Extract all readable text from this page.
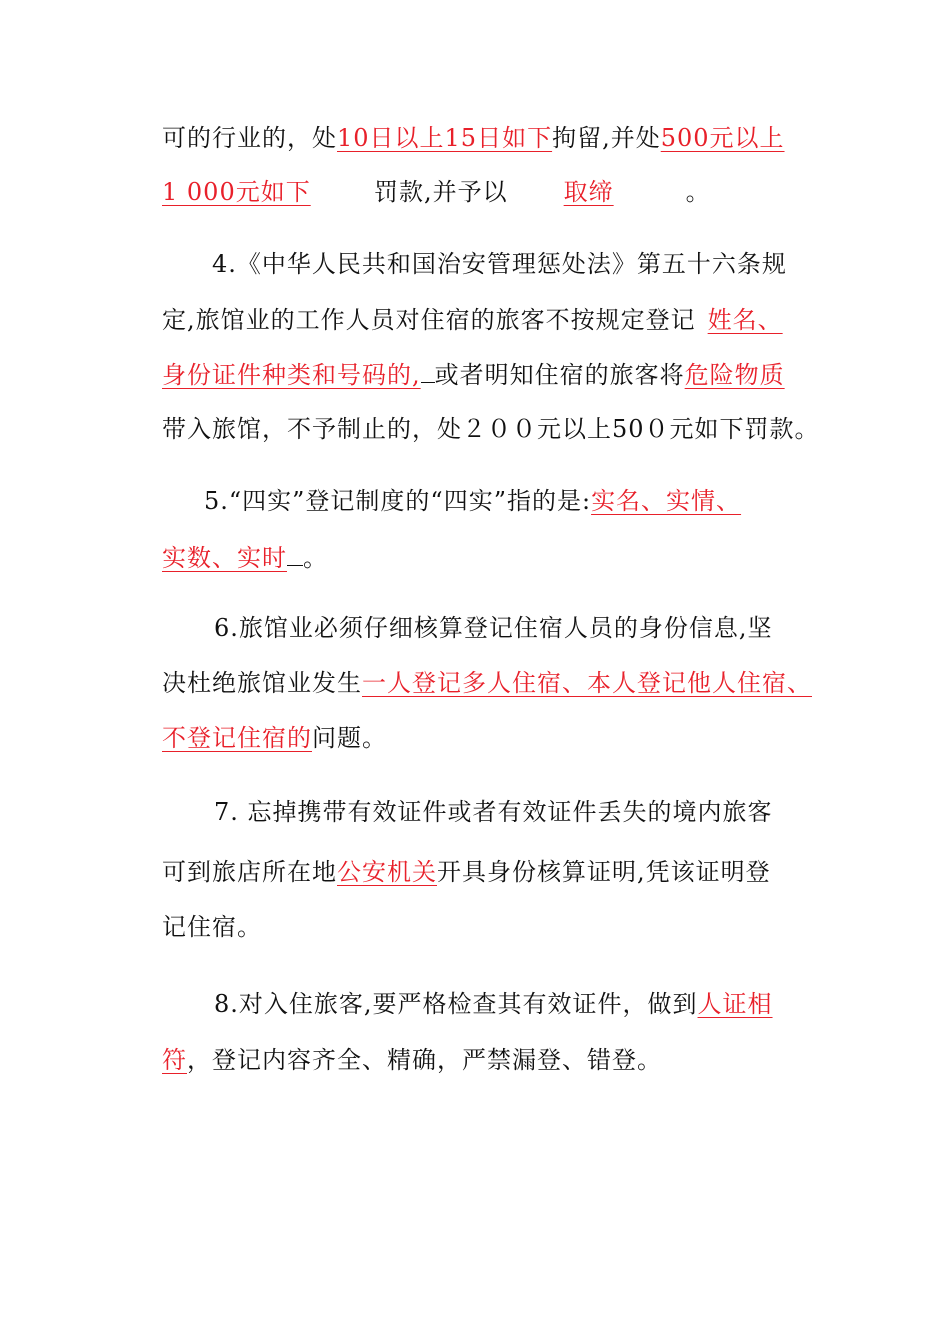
可的行业的，处10日以上15日如下拘留,并处500元以上

1 000元如下	罚款,并予以 取缔	。

4.《中华人民共和国治安管理惩处法》第五十六条规

定,旅馆业的工作人员对住宿的旅客不按规定登记 姓名、

身份证件种类和号码的, 或者明知住宿的旅客将危险物质

带入旅馆，不予制止的，处２００元以上50０元如下罚款。

5.“四实”登记制度的“四实”指的是:实名、实情、

实数、实时 。

6.旅馆业必须仔细核算登记住宿人员的身份信息,坚

决杜绝旅馆业发生一人登记多人住宿、本人登记他人住宿、

不登记住宿的问题。

7. 忘掉携带有效证件或者有效证件丢失的境内旅客

可到旅店所在地公安机关开具身份核算证明,凭该证明登

记住宿。

8.对入住旅客,要严格检查其有效证件，做到人证相

符，登记内容齐全、精确，严禁漏登、错登。
